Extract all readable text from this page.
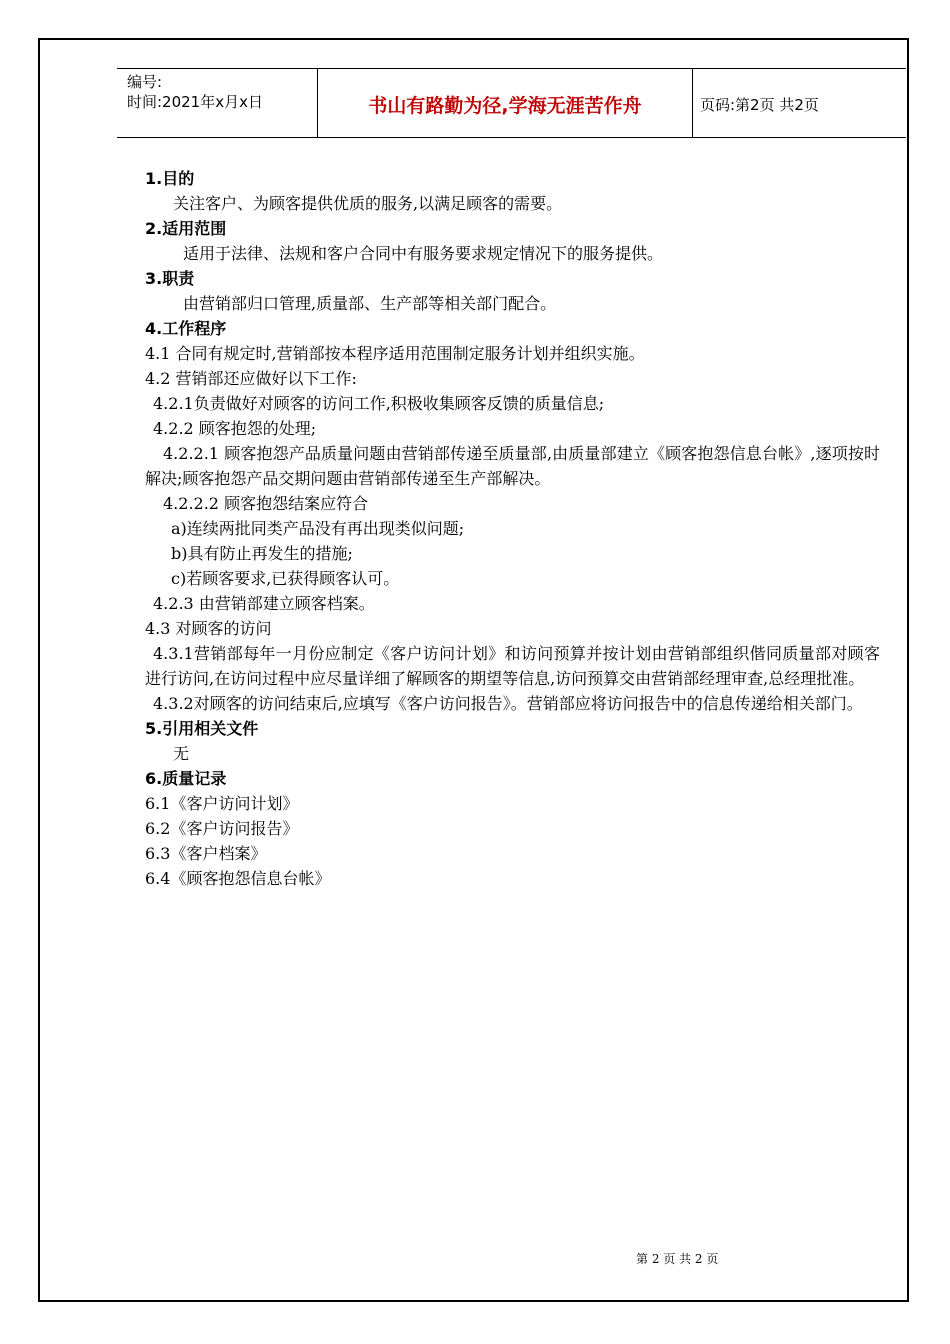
编号:
时间:2021年x月x日	书山有路勤为径,学海无涯苦作舟	页码:第2页 共2页
1.目的
关注客户、为顾客提供优质的服务,以满足顾客的需要。
2.适用范围
适用于法律、法规和客户合同中有服务要求规定情况下的服务提供。
3.职责
由营销部归口管理,质量部、生产部等相关部门配合。
4.工作程序
4.1 合同有规定时,营销部按本程序适用范围制定服务计划并组织实施。
4.2 营销部还应做好以下工作:
4.2.1负责做好对顾客的访问工作,积极收集顾客反馈的质量信息;
4.2.2 顾客抱怨的处理;
4.2.2.1 顾客抱怨产品质量问题由营销部传递至质量部,由质量部建立《顾客抱怨信息台帐》,逐项按时解决;顾客抱怨产品交期问题由营销部传递至生产部解决。
4.2.2.2 顾客抱怨结案应符合
a)连续两批同类产品没有再出现类似问题;
b)具有防止再发生的措施;
c)若顾客要求,已获得顾客认可。
4.2.3 由营销部建立顾客档案。
4.3 对顾客的访问
4.3.1营销部每年一月份应制定《客户访问计划》和访问预算并按计划由营销部组织偕同质量部对顾客进行访问,在访问过程中应尽量详细了解顾客的期望等信息,访问预算交由营销部经理审查,总经理批准。
4.3.2对顾客的访问结束后,应填写《客户访问报告》。营销部应将访问报告中的信息传递给相关部门。
5.引用相关文件
无
6.质量记录
6.1《客户访问计划》
6.2《客户访问报告》
6.3《客户档案》
6.4《顾客抱怨信息台帐》
第 2 页 共 2 页
